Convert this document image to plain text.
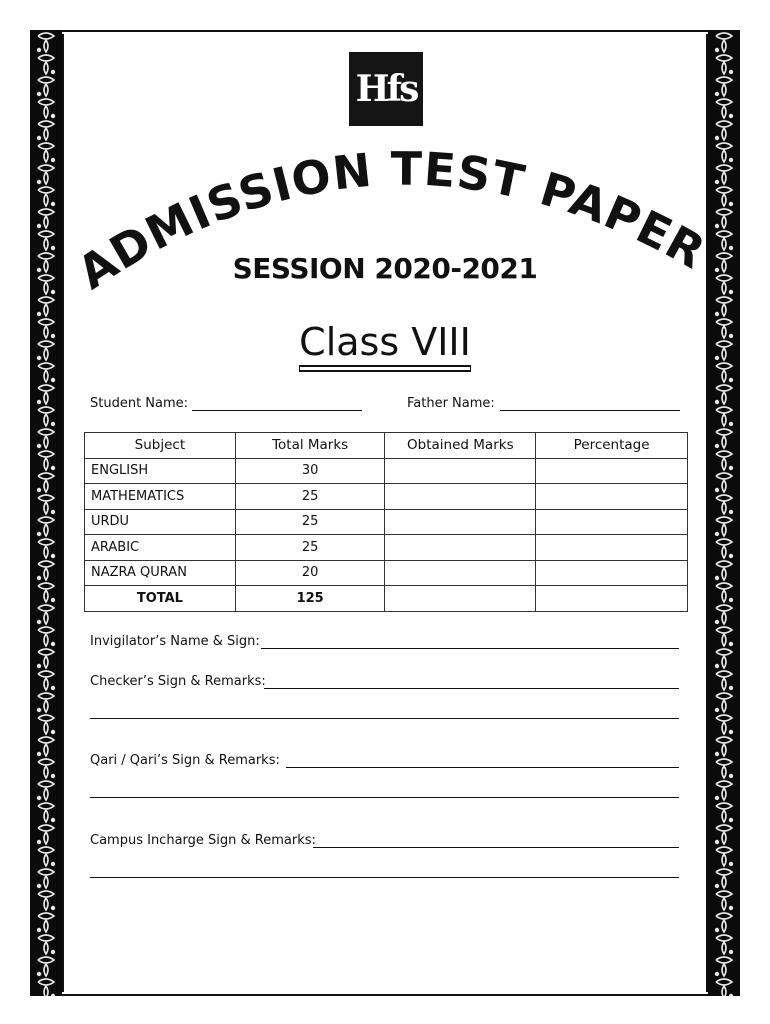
Hfs
ADMISSION TEST PAPER
SESSION 2020-2021
Class VIII
Student Name:	Father Name:
Subject	Total Marks	Obtained Marks	Percentage
ENGLISH	30		
MATHEMATICS	25		
URDU	25		
ARABIC	25		
NAZRA QURAN	20		
TOTAL	125		
Invigilator’s Name & Sign:
Checker’s Sign & Remarks:
Qari / Qari’s Sign & Remarks:
Campus Incharge Sign & Remarks:
